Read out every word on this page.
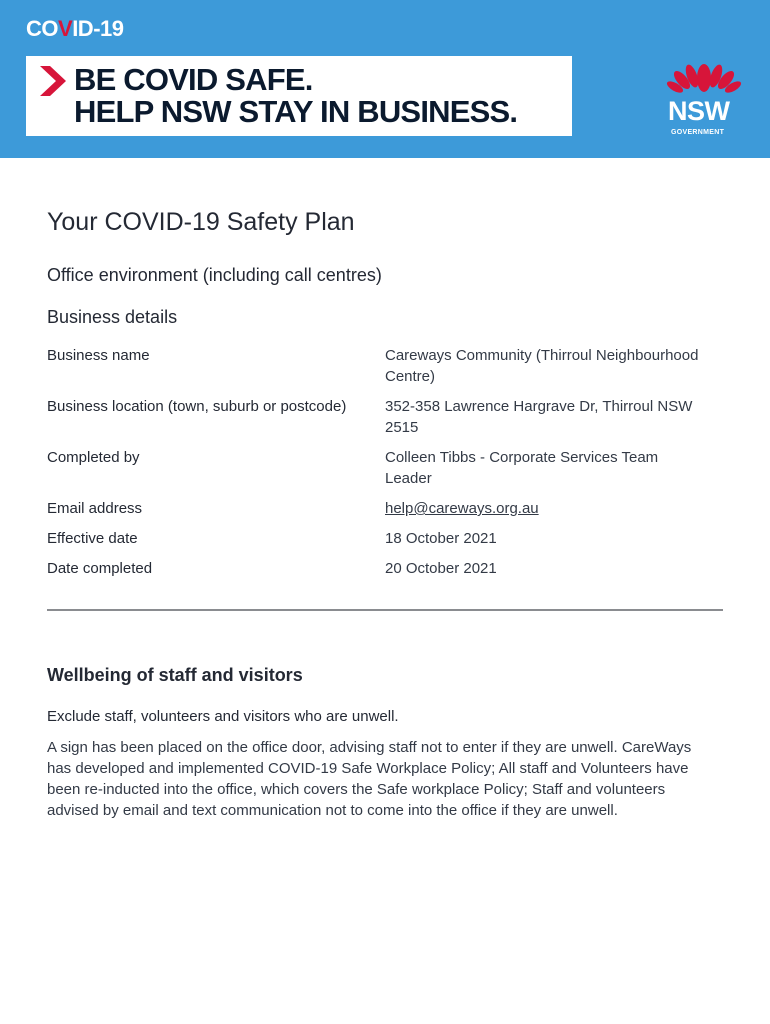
COVID-19
BE COVID SAFE.
HELP NSW STAY IN BUSINESS.	NSW
GOVERNMENT
Your COVID-19 Safety Plan
Office environment (including call centres)
Business details
Business name	Careways Community (Thirroul Neighbourhood Centre)
Business location (town, suburb or postcode)	352-358 Lawrence Hargrave Dr, Thirroul NSW 2515
Completed by	Colleen Tibbs - Corporate Services Team Leader
Email address	help@careways.org.au
Effective date	18 October 2021
Date completed	20 October 2021
Wellbeing of staff and visitors
Exclude staff, volunteers and visitors who are unwell.
A sign has been placed on the office door, advising staff not to enter if they are unwell. CareWays has developed and implemented COVID-19 Safe Workplace Policy; All staff and Volunteers have been re-inducted into the office, which covers the Safe workplace Policy; Staff and volunteers advised by email and text communication not to come into the office if they are unwell.
